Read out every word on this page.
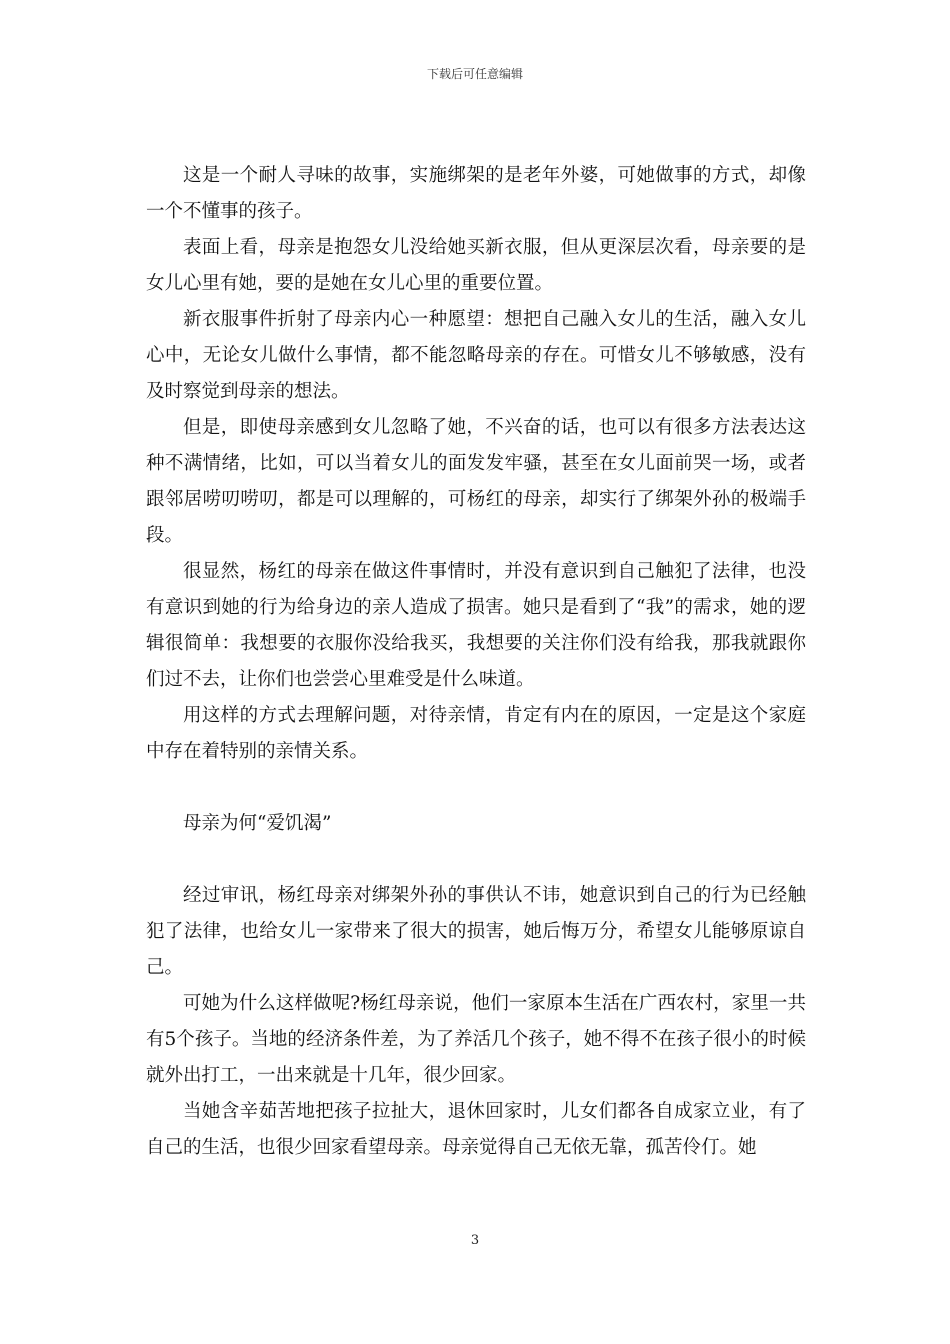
下载后可任意编辑

这是一个耐人寻味的故事，实施绑架的是老年外婆，可她做事的方式，却像一个不懂事的孩子。

表面上看，母亲是抱怨女儿没给她买新衣服，但从更深层次看，母亲要的是女儿心里有她，要的是她在女儿心里的重要位置。

新衣服事件折射了母亲内心一种愿望：想把自己融入女儿的生活，融入女儿心中，无论女儿做什么事情，都不能忽略母亲的存在。可惜女儿不够敏感，没有及时察觉到母亲的想法。

但是，即使母亲感到女儿忽略了她，不兴奋的话，也可以有很多方法表达这种不满情绪，比如，可以当着女儿的面发发牢骚，甚至在女儿面前哭一场，或者跟邻居唠叨唠叨，都是可以理解的，可杨红的母亲，却实行了绑架外孙的极端手段。

很显然，杨红的母亲在做这件事情时，并没有意识到自己触犯了法律，也没有意识到她的行为给身边的亲人造成了损害。她只是看到了“我”的需求，她的逻辑很简单：我想要的衣服你没给我买，我想要的关注你们没有给我，那我就跟你们过不去，让你们也尝尝心里难受是什么味道。

用这样的方式去理解问题，对待亲情，肯定有内在的原因，一定是这个家庭中存在着特别的亲情关系。

母亲为何“爱饥渴”

经过审讯，杨红母亲对绑架外孙的事供认不讳，她意识到自己的行为已经触犯了法律，也给女儿一家带来了很大的损害，她后悔万分，希望女儿能够原谅自己。

可她为什么这样做呢?杨红母亲说，他们一家原本生活在广西农村，家里一共有5个孩子。当地的经济条件差，为了养活几个孩子，她不得不在孩子很小的时候就外出打工，一出来就是十几年，很少回家。

当她含辛茹苦地把孩子拉扯大，退休回家时，儿女们都各自成家立业，有了自己的生活，也很少回家看望母亲。母亲觉得自己无依无靠，孤苦伶仃。她

3
